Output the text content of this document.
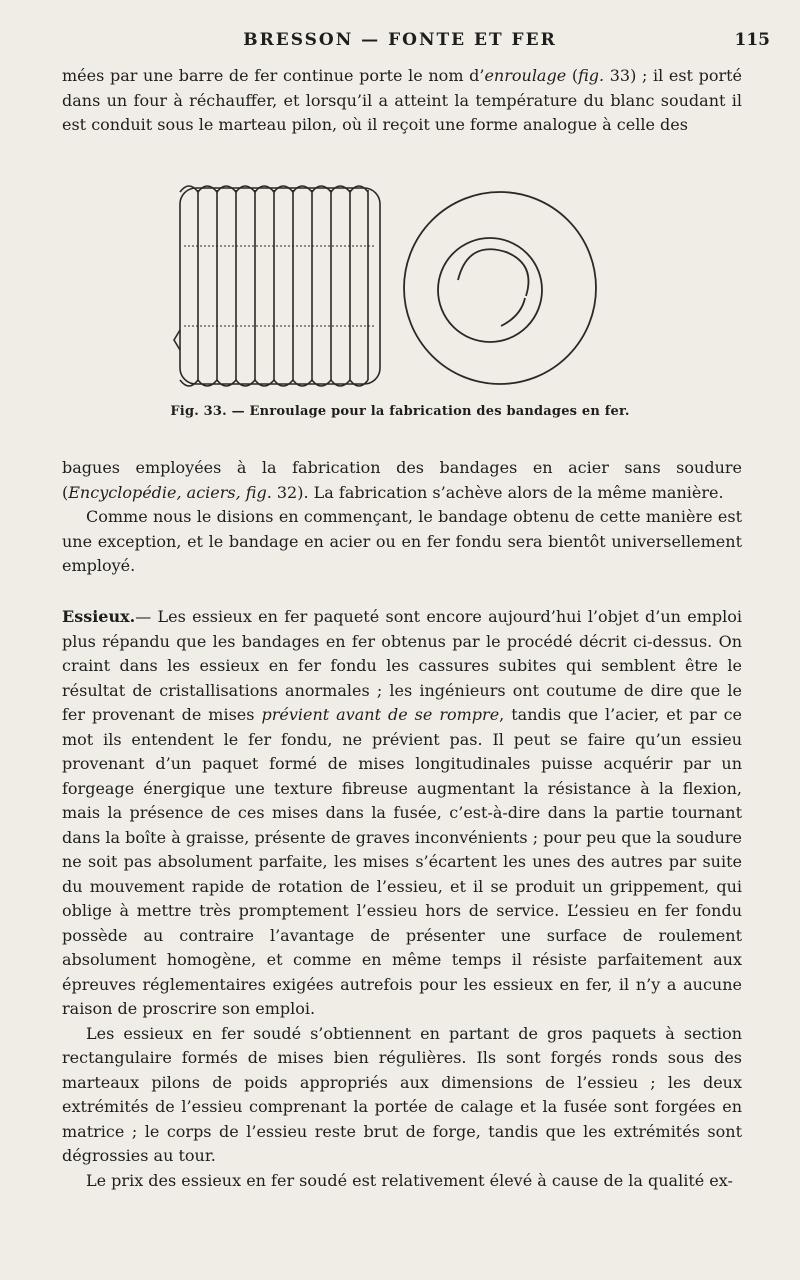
BRESSON — FONTE ET FER	115

mées par une barre de fer continue porte le nom d’enroulage (fig. 33) ; il est porté dans un four à réchauffer, et lorsqu’il a atteint la température du blanc soudant il est conduit sous le marteau pilon, où il reçoit une forme analogue à celle des

Fig. 33. — Enroulage pour la fabrication des bandages en fer.

bagues employées à la fabrication des bandages en acier sans soudure (Encyclopédie, aciers, fig. 32). La fabrication s’achève alors de la même manière.

Comme nous le disions en commençant, le bandage obtenu de cette manière est une exception, et le bandage en acier ou en fer fondu sera bientôt universellement employé.

Essieux.— Les essieux en fer paqueté sont encore aujourd’hui l’objet d’un emploi plus répandu que les bandages en fer obtenus par le procédé décrit ci-dessus. On craint dans les essieux en fer fondu les cassures subites qui semblent être le résultat de cristallisations anormales ; les ingénieurs ont coutume de dire que le fer provenant de mises prévient avant de se rompre, tandis que l’acier, et par ce mot ils entendent le fer fondu, ne prévient pas. Il peut se faire qu’un essieu provenant d’un paquet formé de mises longitudinales puisse acquérir par un forgeage énergique une texture fibreuse augmentant la résistance à la flexion, mais la présence de ces mises dans la fusée, c’est-à-dire dans la partie tournant dans la boîte à graisse, présente de graves inconvénients ; pour peu que la soudure ne soit pas absolument parfaite, les mises s’écartent les unes des autres par suite du mouvement rapide de rotation de l’essieu, et il se produit un grippement, qui oblige à mettre très promptement l’essieu hors de service. L’essieu en fer fondu possède au contraire l’avantage de présenter une surface de roulement absolument homogène, et comme en même temps il résiste parfaitement aux épreuves réglementaires exigées autrefois pour les essieux en fer, il n’y a aucune raison de proscrire son emploi.

Les essieux en fer soudé s’obtiennent en partant de gros paquets à section rectangulaire formés de mises bien régulières. Ils sont forgés ronds sous des marteaux pilons de poids appropriés aux dimensions de l’essieu ; les deux extrémités de l’essieu comprenant la portée de calage et la fusée sont forgées en matrice ; le corps de l’essieu reste brut de forge, tandis que les extrémités sont dégrossies au tour.

Le prix des essieux en fer soudé est relativement élevé à cause de la qualité ex-
